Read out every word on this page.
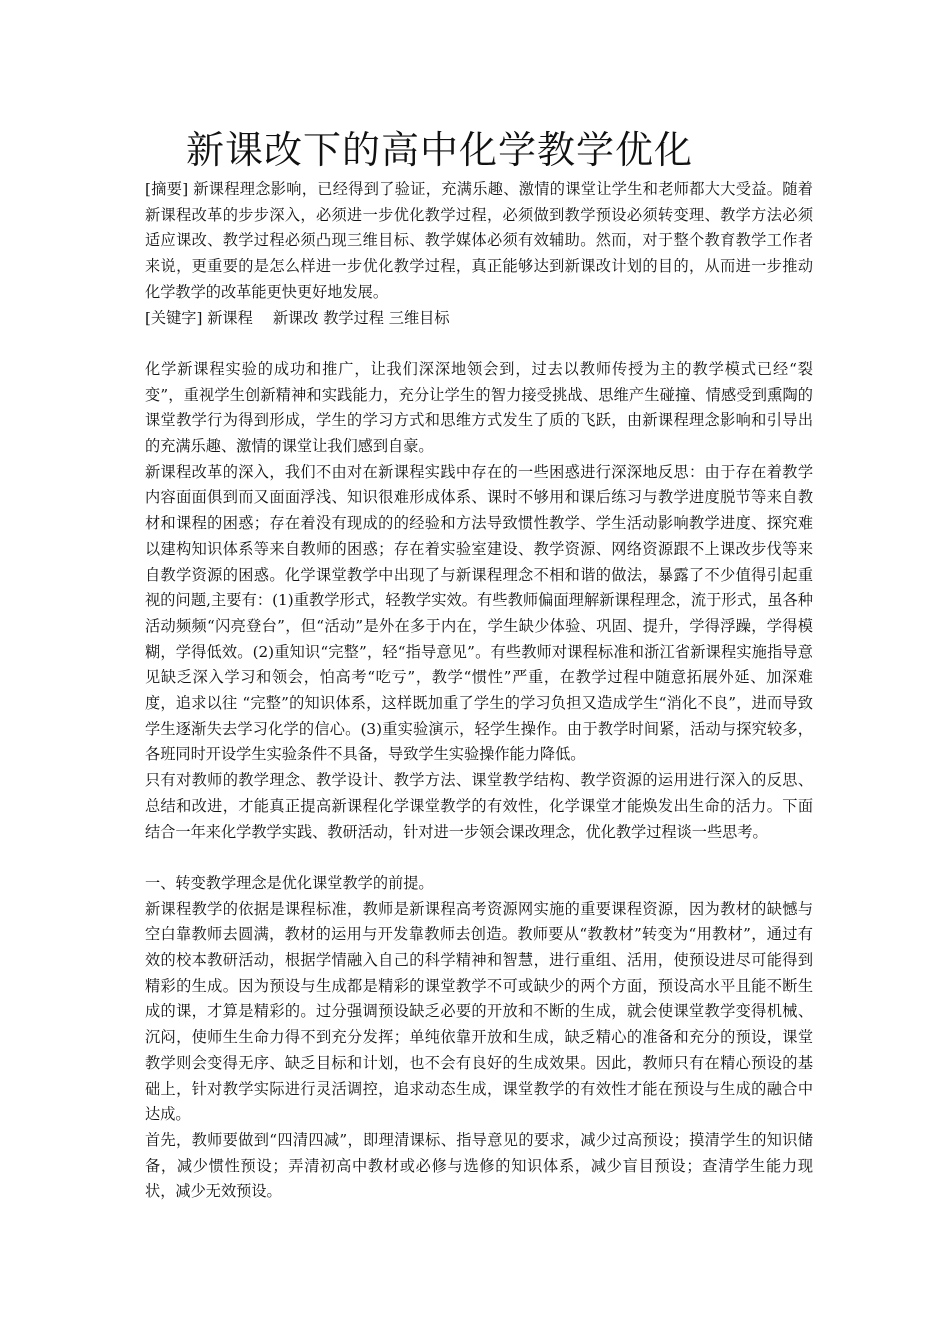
新课改下的高中化学教学优化

[摘要] 新课程理念影响，已经得到了验证，充满乐趣、激情的课堂让学生和老师都大大受益。随着新课程改革的步步深入，必须进一步优化教学过程，必须做到教学预设必须转变理、教学方法必须适应课改、教学过程必须凸现三维目标、教学媒体必须有效辅助。然而，对于整个教育教学工作者来说，更重要的是怎么样进一步优化教学过程，真正能够达到新课改计划的目的，从而进一步推动化学教学的改革能更快更好地发展。

[关键字] 新课程　 新课改 教学过程 三维目标

化学新课程实验的成功和推广，让我们深深地领会到，过去以教师传授为主的教学模式已经“裂变”，重视学生创新精神和实践能力，充分让学生的智力接受挑战、思维产生碰撞、情感受到熏陶的课堂教学行为得到形成，学生的学习方式和思维方式发生了质的飞跃，由新课程理念影响和引导出的充满乐趣、激情的课堂让我们感到自豪。

新课程改革的深入，我们不由对在新课程实践中存在的一些困惑进行深深地反思：由于存在着教学内容面面俱到而又面面浮浅、知识很难形成体系、课时不够用和课后练习与教学进度脱节等来自教材和课程的困惑；存在着没有现成的的经验和方法导致惯性教学、学生活动影响教学进度、探究难以建构知识体系等来自教师的困惑；存在着实验室建设、教学资源、网络资源跟不上课改步伐等来自教学资源的困惑。化学课堂教学中出现了与新课程理念不相和谐的做法，暴露了不少值得引起重视的问题,主要有：(1)重教学形式，轻教学实效。有些教师偏面理解新课程理念，流于形式，虽各种活动频频“闪亮登台”，但“活动”是外在多于内在，学生缺少体验、巩固、提升，学得浮躁，学得模糊，学得低效。(2)重知识“完整”，轻“指导意见”。有些教师对课程标准和浙江省新课程实施指导意见缺乏深入学习和领会，怕高考“吃亏”，教学“惯性”严重，在教学过程中随意拓展外延、加深难度，追求以往 “完整”的知识体系，这样既加重了学生的学习负担又造成学生“消化不良”，进而导致学生逐渐失去学习化学的信心。(3)重实验演示，轻学生操作。由于教学时间紧，活动与探究较多，各班同时开设学生实验条件不具备，导致学生实验操作能力降低。

只有对教师的教学理念、教学设计、教学方法、课堂教学结构、教学资源的运用进行深入的反思、总结和改进，才能真正提高新课程化学课堂教学的有效性，化学课堂才能焕发出生命的活力。下面结合一年来化学教学实践、教研活动，针对进一步领会课改理念，优化教学过程谈一些思考。

一、转变教学理念是优化课堂教学的前提。

新课程教学的依据是课程标准，教师是新课程高考资源网实施的重要课程资源，因为教材的缺憾与空白靠教师去圆满，教材的运用与开发靠教师去创造。教师要从“教教材”转变为“用教材”，通过有效的校本教研活动，根据学情融入自己的科学精神和智慧，进行重组、活用，使预设进尽可能得到精彩的生成。因为预设与生成都是精彩的课堂教学不可或缺少的两个方面，预设高水平且能不断生成的课，才算是精彩的。过分强调预设缺乏必要的开放和不断的生成，就会使课堂教学变得机械、沉闷，使师生生命力得不到充分发挥；单纯依靠开放和生成，缺乏精心的准备和充分的预设，课堂教学则会变得无序、缺乏目标和计划，也不会有良好的生成效果。因此，教师只有在精心预设的基础上，针对教学实际进行灵活调控，追求动态生成，课堂教学的有效性才能在预设与生成的融合中达成。

首先，教师要做到“四清四减”，即理清课标、指导意见的要求，减少过高预设；摸清学生的知识储备，减少惯性预设；弄清初高中教材或必修与选修的知识体系，减少盲目预设；查清学生能力现状，减少无效预设。
